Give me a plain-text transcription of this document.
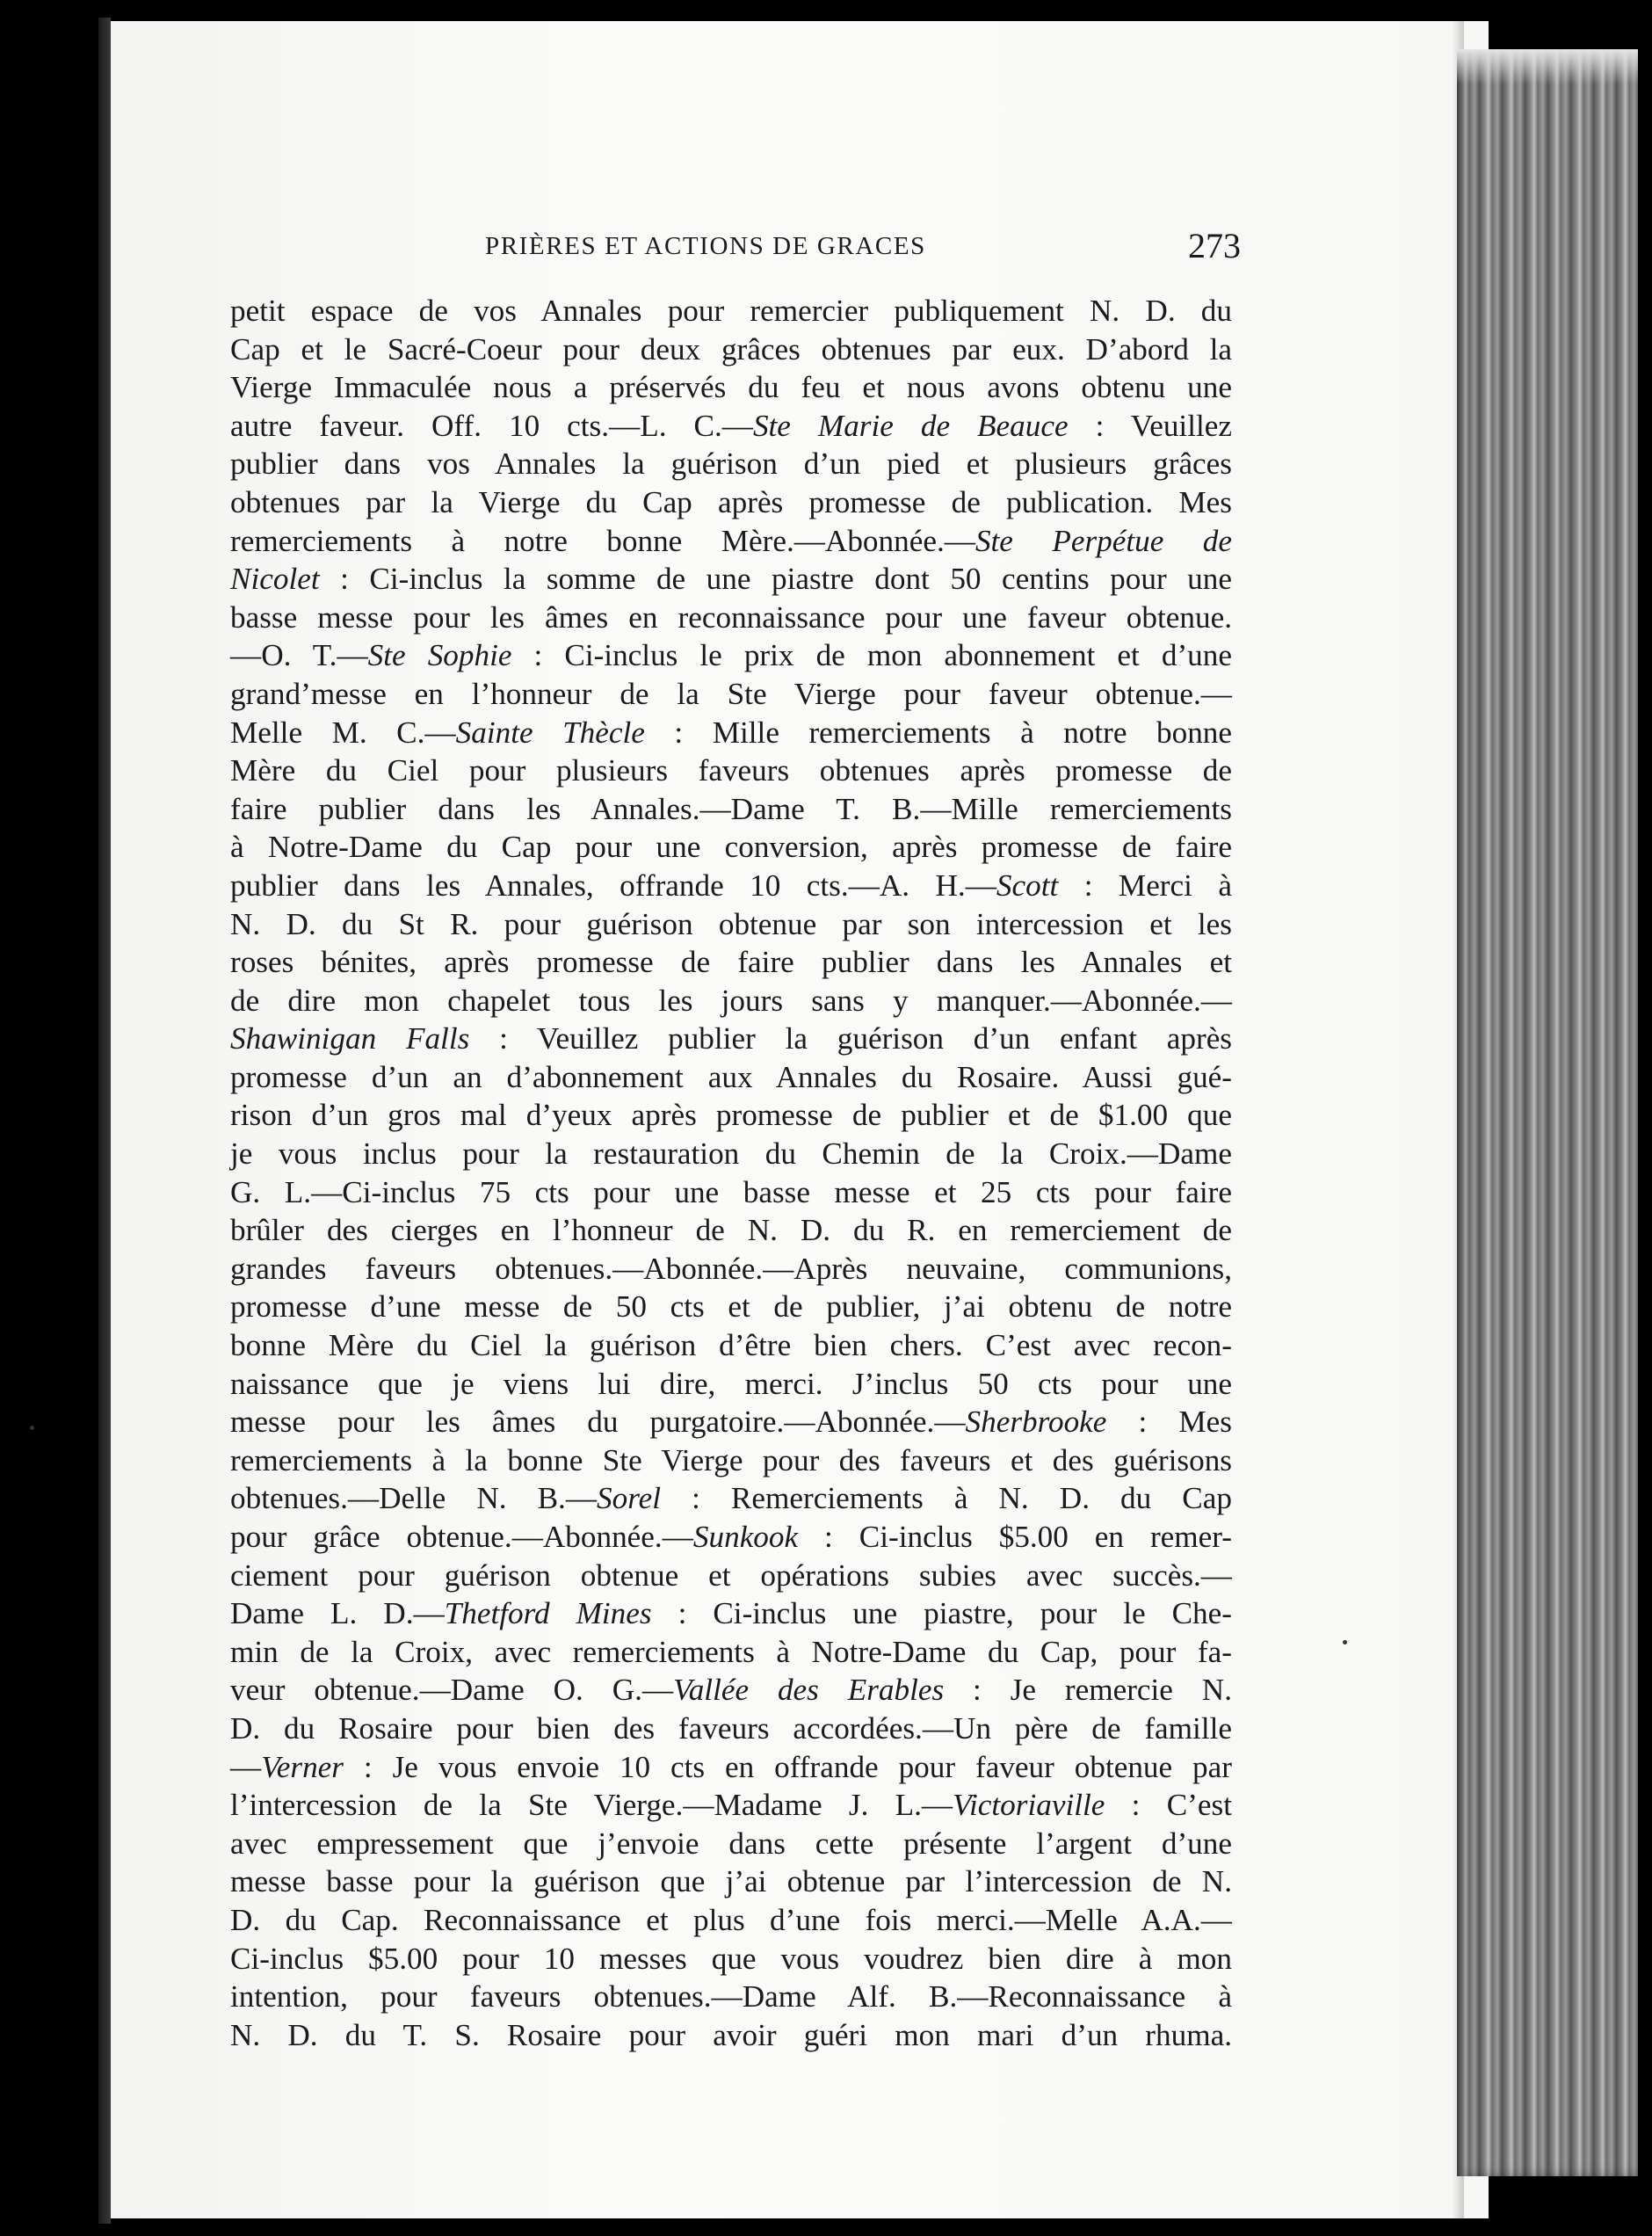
PRIÈRES ET ACTIONS DE GRACES	273
petit espace de vos Annales pour remercier publiquement N. D. du
Cap et le Sacré-Coeur pour deux grâces obtenues par eux. D’abord la
Vierge Immaculée nous a préservés du feu et nous avons obtenu une
autre faveur. Off. 10 cts.—L. C.—Ste Marie de Beauce : Veuillez
publier dans vos Annales la guérison d’un pied et plusieurs grâces
obtenues par la Vierge du Cap après promesse de publication. Mes
remerciements à notre bonne Mère.—Abonnée.—Ste Perpétue de
Nicolet : Ci-inclus la somme de une piastre dont 50 centins pour une
basse messe pour les âmes en reconnaissance pour une faveur obtenue.
—O. T.—Ste Sophie : Ci-inclus le prix de mon abonnement et d’une
grand’messe en l’honneur de la Ste Vierge pour faveur obtenue.—
Melle M. C.—Sainte Thècle : Mille remerciements à notre bonne
Mère du Ciel pour plusieurs faveurs obtenues après promesse de
faire publier dans les Annales.—Dame T. B.—Mille remerciements
à Notre-Dame du Cap pour une conversion, après promesse de faire
publier dans les Annales, offrande 10 cts.—A. H.—Scott : Merci à
N. D. du St R. pour guérison obtenue par son intercession et les
roses bénites, après promesse de faire publier dans les Annales et
de dire mon chapelet tous les jours sans y manquer.—Abonnée.—
Shawinigan Falls : Veuillez publier la guérison d’un enfant après
promesse d’un an d’abonnement aux Annales du Rosaire. Aussi gué-
rison d’un gros mal d’yeux après promesse de publier et de $1.00 que
je vous inclus pour la restauration du Chemin de la Croix.—Dame
G. L.—Ci-inclus 75 cts pour une basse messe et 25 cts pour faire
brûler des cierges en l’honneur de N. D. du R. en remerciement de
grandes faveurs obtenues.—Abonnée.—Après neuvaine, communions,
promesse d’une messe de 50 cts et de publier, j’ai obtenu de notre
bonne Mère du Ciel la guérison d’être bien chers. C’est avec recon-
naissance que je viens lui dire, merci. J’inclus 50 cts pour une
messe pour les âmes du purgatoire.—Abonnée.—Sherbrooke : Mes
remerciements à la bonne Ste Vierge pour des faveurs et des guérisons
obtenues.—Delle N. B.—Sorel : Remerciements à N. D. du Cap
pour grâce obtenue.—Abonnée.—Sunkook : Ci-inclus $5.00 en remer-
ciement pour guérison obtenue et opérations subies avec succès.—
Dame L. D.—Thetford Mines : Ci-inclus une piastre, pour le Che-
min de la Croix, avec remerciements à Notre-Dame du Cap, pour fa-
veur obtenue.—Dame O. G.—Vallée des Erables : Je remercie N.
D. du Rosaire pour bien des faveurs accordées.—Un père de famille
—Verner : Je vous envoie 10 cts en offrande pour faveur obtenue par
l’intercession de la Ste Vierge.—Madame J. L.—Victoriaville : C’est
avec empressement que j’envoie dans cette présente l’argent d’une
messe basse pour la guérison que j’ai obtenue par l’intercession de N.
D. du Cap. Reconnaissance et plus d’une fois merci.—Melle A.A.—
Ci-inclus $5.00 pour 10 messes que vous voudrez bien dire à mon
intention, pour faveurs obtenues.—Dame Alf. B.—Reconnaissance à
N. D. du T. S. Rosaire pour avoir guéri mon mari d’un rhuma.
